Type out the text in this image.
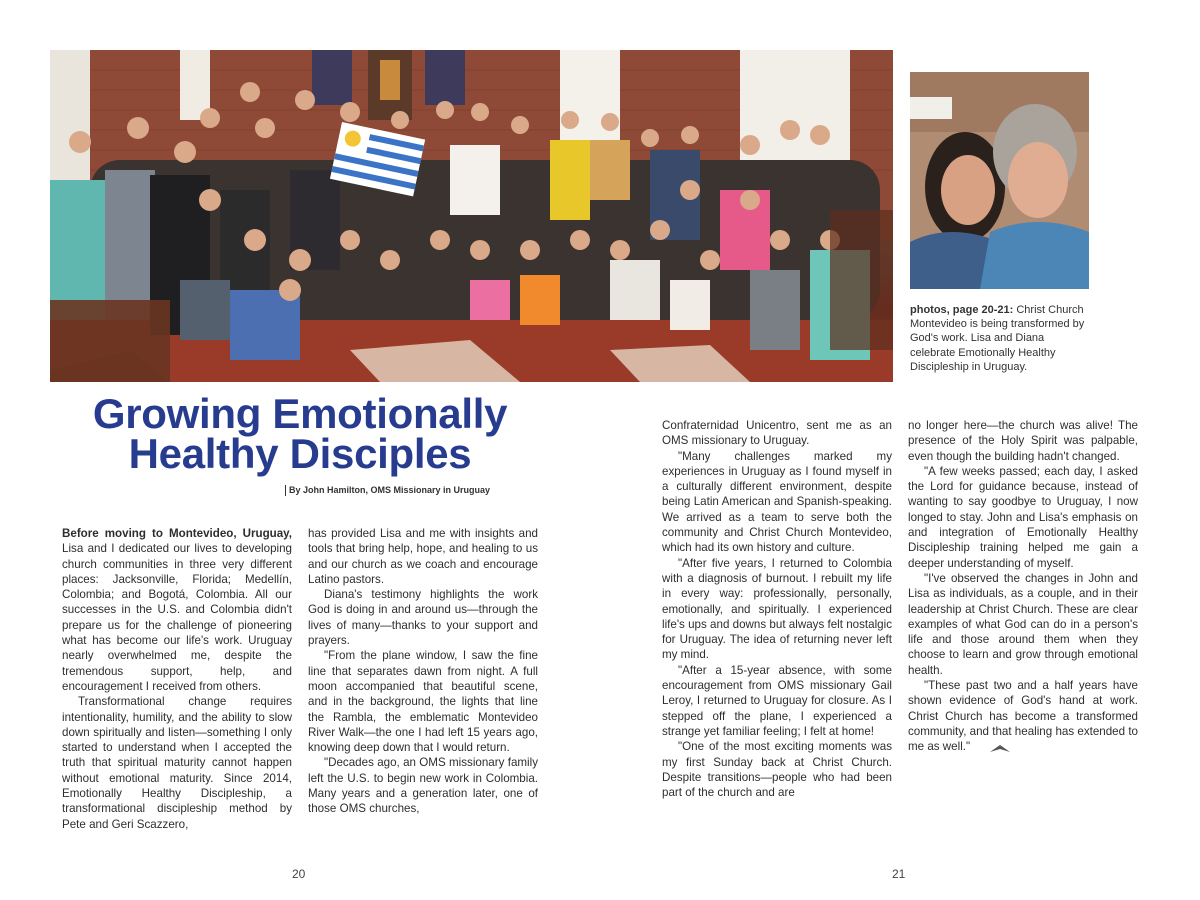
photos, page 20-21: Christ Church Montevideo is being transformed by God's work. Lisa and Diana celebrate Emotionally Healthy Discipleship in Uruguay.
Growing Emotionally
Healthy Disciples
By John Hamilton, OMS Missionary in Uruguay

Before moving to Montevideo, Uruguay, Lisa and I dedicated our lives to developing church communities in three very different places: Jacksonville, Florida; Medellín, Colombia; and Bogotá, Colombia. All our successes in the U.S. and Colombia didn't prepare us for the challenge of pioneering what has become our life's work. Uruguay nearly overwhelmed me, despite the tremendous support, help, and encouragement I received from others.

Transformational change requires intentionality, humility, and the ability to slow down spiritually and listen—something I only started to understand when I accepted the truth that spiritual maturity cannot happen without emotional maturity. Since 2014, Emotionally Healthy Discipleship, a transformational discipleship method by Pete and Geri Scazzero,

has provided Lisa and me with insights and tools that bring help, hope, and healing to us and our church as we coach and encourage Latino pastors.

Diana's testimony highlights the work God is doing in and around us—through the lives of many—thanks to your support and prayers.

"From the plane window, I saw the fine line that separates dawn from night. A full moon accompanied that beautiful scene, and in the background, the lights that line the Rambla, the emblematic Montevideo River Walk—the one I had left 15 years ago, knowing deep down that I would return.

"Decades ago, an OMS missionary family left the U.S. to begin new work in Colombia. Many years and a generation later, one of those OMS churches,

Confraternidad Unicentro, sent me as an OMS missionary to Uruguay.

"Many challenges marked my experiences in Uruguay as I found myself in a culturally different environment, despite being Latin American and Spanish-speaking. We arrived as a team to serve both the community and Christ Church Montevideo, which had its own history and culture.

"After five years, I returned to Colombia with a diagnosis of burnout. I rebuilt my life in every way: professionally, personally, emotionally, and spiritually. I experienced life's ups and downs but always felt nostalgic for Uruguay. The idea of returning never left my mind.

"After a 15-year absence, with some encouragement from OMS missionary Gail Leroy, I returned to Uruguay for closure. As I stepped off the plane, I experienced a strange yet familiar feeling; I felt at home!

"One of the most exciting moments was my first Sunday back at Christ Church. Despite transitions—people who had been part of the church and are

no longer here—the church was alive! The presence of the Holy Spirit was palpable, even though the building hadn't changed.

"A few weeks passed; each day, I asked the Lord for guidance because, instead of wanting to say goodbye to Uruguay, I now longed to stay. John and Lisa's emphasis on and integration of Emotionally Healthy Discipleship training helped me gain a deeper understanding of myself.

"I've observed the changes in John and Lisa as individuals, as a couple, and in their leadership at Christ Church. These are clear examples of what God can do in a person's life and those around them when they choose to learn and grow through emotional health.

"These past two and a half years have shown evidence of God's hand at work. Christ Church has become a transformed community, and that healing has extended to me as well."

20	21
